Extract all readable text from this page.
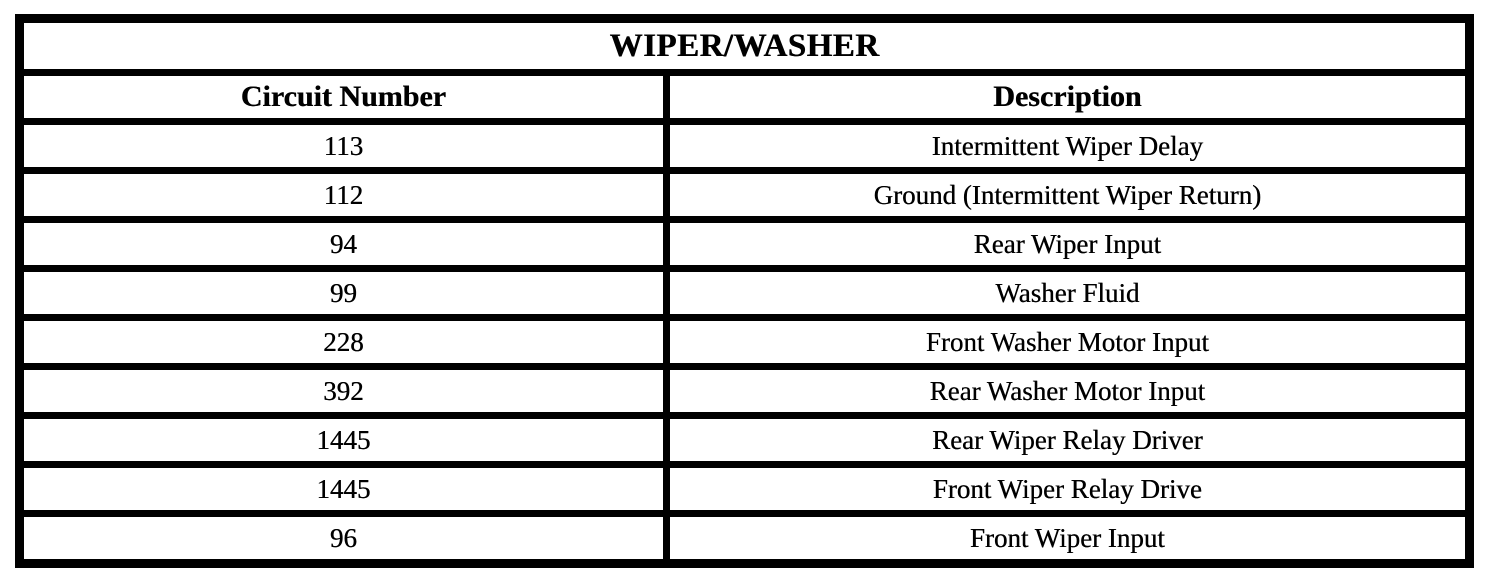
WIPER/WASHER	
Circuit Number	Description
113	Intermittent Wiper Delay
112	Ground (Intermittent Wiper Return)
94	Rear Wiper Input
99	Washer Fluid
228	Front Washer Motor Input
392	Rear Washer Motor Input
1445	Rear Wiper Relay Driver
1445	Front Wiper Relay Drive
96	Front Wiper Input
